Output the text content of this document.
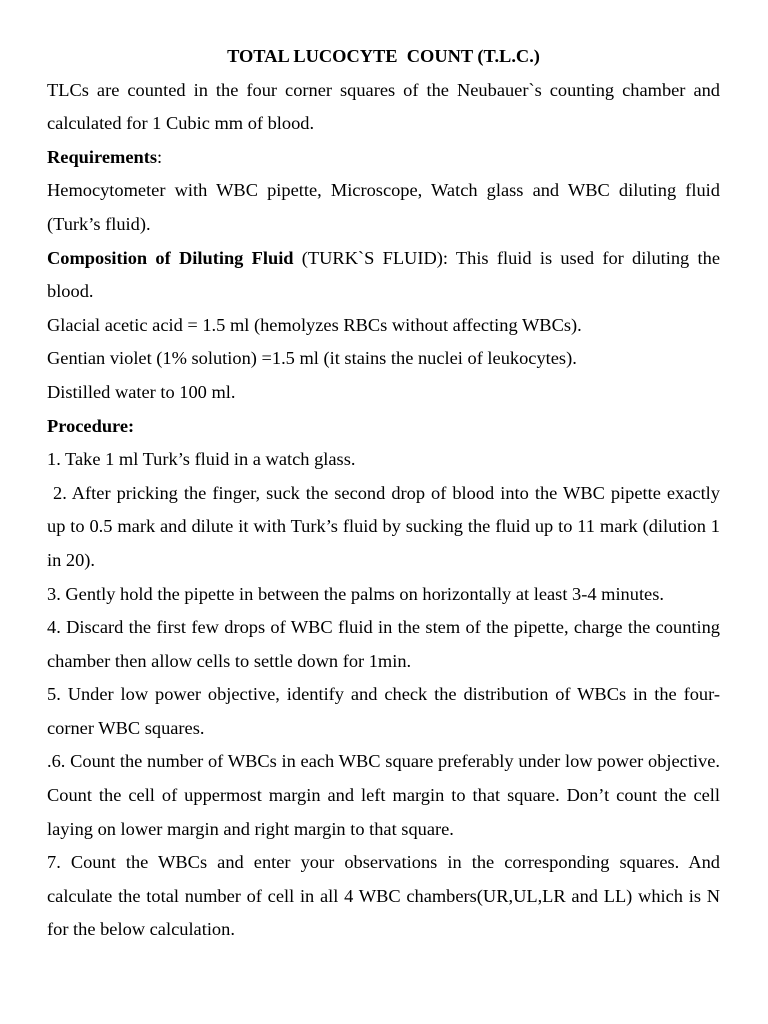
TOTAL LUCOCYTE  COUNT (T.L.C.)

TLCs are counted in the four corner squares of the Neubauer`s counting chamber and calculated for 1 Cubic mm of blood.

Requirements:

Hemocytometer with WBC pipette, Microscope, Watch glass and WBC diluting fluid (Turk’s fluid).

Composition of Diluting Fluid (TURK`S FLUID): This fluid is used for diluting the blood.

Glacial acetic acid = 1.5 ml (hemolyzes RBCs without affecting WBCs).

Gentian violet (1% solution) =1.5 ml (it stains the nuclei of leukocytes).

Distilled water to 100 ml.

Procedure:

1. Take 1 ml Turk’s fluid in a watch glass.

2. After pricking the finger, suck the second drop of blood into the WBC pipette exactly up to 0.5 mark and dilute it with Turk’s fluid by sucking the fluid up to 11 mark (dilution 1 in 20).

3. Gently hold the pipette in between the palms on horizontally at least 3-4 minutes.

4. Discard the first few drops of WBC fluid in the stem of the pipette, charge the counting chamber then allow cells to settle down for 1min.

5. Under low power objective, identify and check the distribution of WBCs in the four-corner WBC squares.

.6. Count the number of WBCs in each WBC square preferably under low power objective. Count the cell of uppermost margin and left margin to that square. Don’t count the cell laying on lower margin and right margin to that square.

7. Count the WBCs and enter your observations in the corresponding squares. And calculate the total number of cell in all 4 WBC chambers(UR,UL,LR and LL) which is N for the below calculation.
